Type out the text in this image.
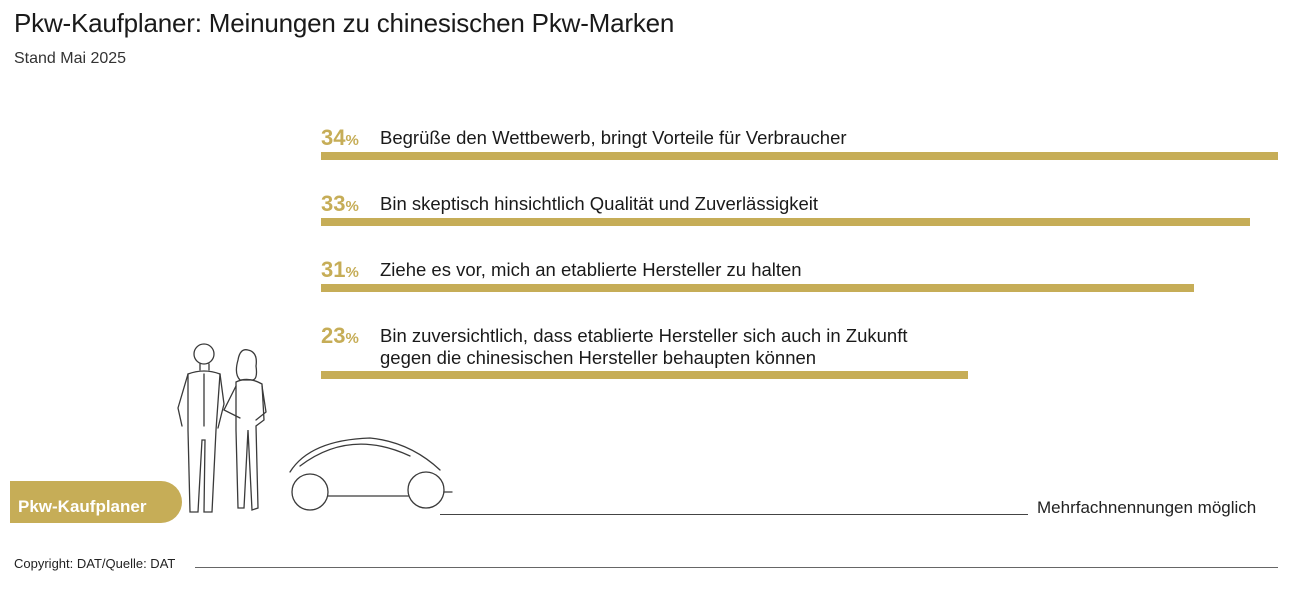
Pkw-Kaufplaner: Meinungen zu chinesischen Pkw-Marken
Stand Mai 2025
34% Begrüße den Wettbewerb, bringt Vorteile für Verbraucher
33% Bin skeptisch hinsichtlich Qualität und Zuverlässigkeit
31% Ziehe es vor, mich an etablierte Hersteller zu halten
23% Bin zuversichtlich, dass etablierte Hersteller sich auch in Zukunft
gegen die chinesischen Hersteller behaupten können
Pkw-Kaufplaner	Mehrfachnennungen möglich
Copyright: DAT/Quelle: DAT
